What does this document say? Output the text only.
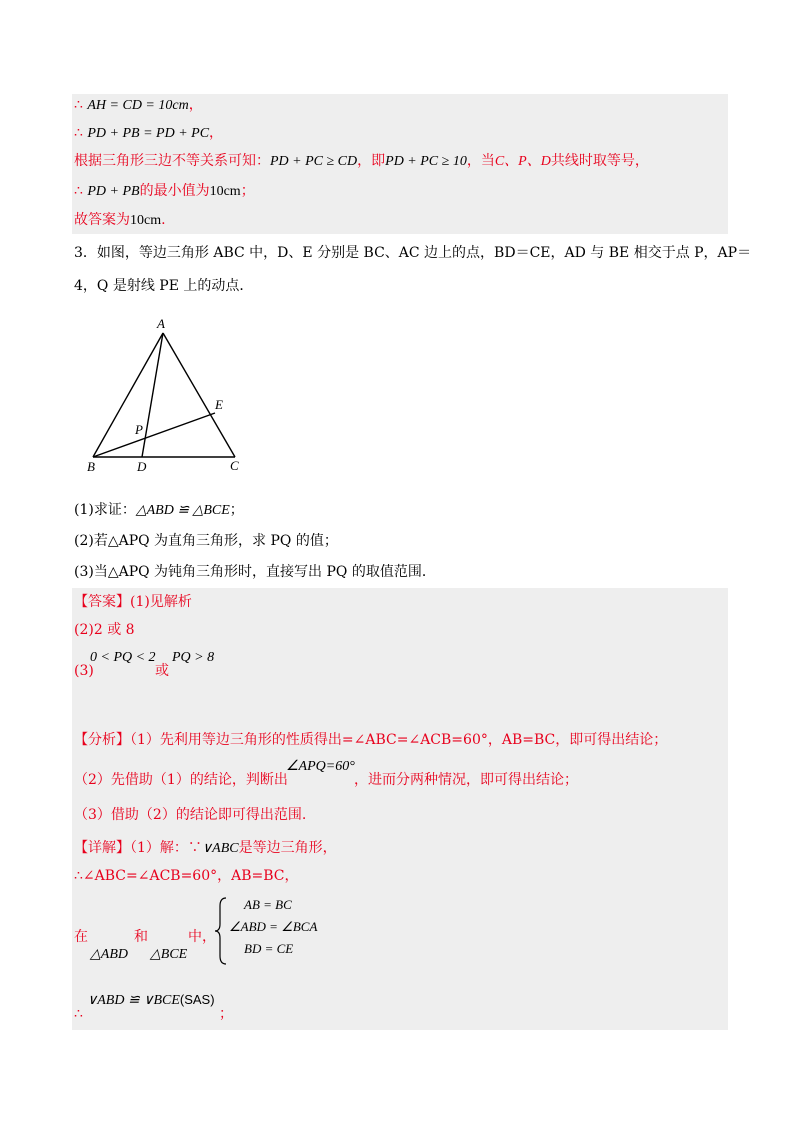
∴ AH = CD = 10cm，
∴ PD + PB = PD + PC，
根据三角形三边不等关系可知：PD + PC ≥ CD，即PD + PC ≥ 10，当C、P、D共线时取等号，
∴ PD + PB的最小值为10cm；
故答案为10cm.
3．如图，等边三角形 ABC 中，D、E 分别是 BC、AC 边上的点，BD＝CE，AD 与 BE 相交于点 P，AP＝
4，Q 是射线 PE 上的动点．
A
E
P
B	D	C
(1)求证：△ABD ≌ △BCE；
(2)若△APQ 为直角三角形，求 PQ 的值；
(3)当△APQ 为钝角三角形时，直接写出 PQ 的取值范围．
【答案】(1)见解析
(2)2 或 8
0 < PQ < 2 PQ > 8
(3)	或
【分析】（1）先利用等边三角形的性质得出=∠ABC=∠ACB=60°，AB=BC，即可得出结论；
∠APQ=60°
（2）先借助（1）的结论，判断出	，进而分两种情况，即可得出结论；
（3）借助（2）的结论即可得出范围.
【详解】（1）解：∵∨ABC是等边三角形，
∴∠ABC=∠ACB=60°，AB=BC，
在	和	中，
△ABD △BCE
AB = BC
∠ABD = ∠BCA
BD = CE
∨ABD ≌ ∨BCE(SAS)
∴	；
